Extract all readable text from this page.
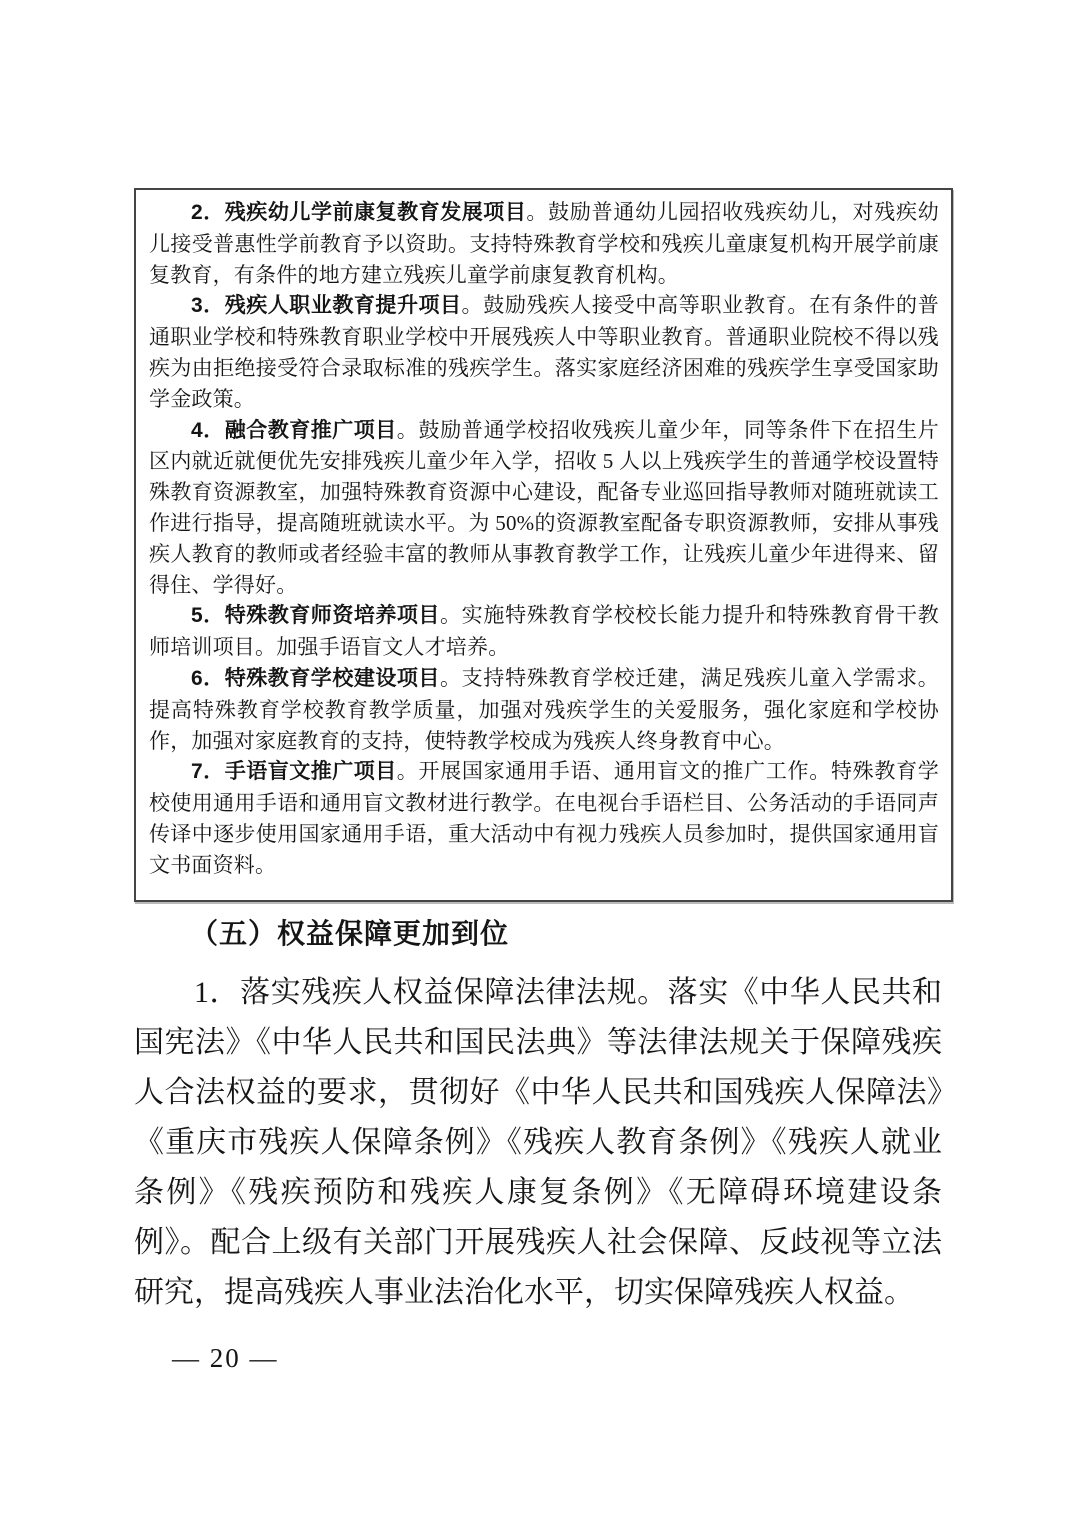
2．残疾幼儿学前康复教育发展项目。鼓励普通幼儿园招收残疾幼儿，对残疾幼儿接受普惠性学前教育予以资助。支持特殊教育学校和残疾儿童康复机构开展学前康复教育，有条件的地方建立残疾儿童学前康复教育机构。

3．残疾人职业教育提升项目。鼓励残疾人接受中高等职业教育。在有条件的普通职业学校和特殊教育职业学校中开展残疾人中等职业教育。普通职业院校不得以残疾为由拒绝接受符合录取标准的残疾学生。落实家庭经济困难的残疾学生享受国家助学金政策。

4．融合教育推广项目。鼓励普通学校招收残疾儿童少年，同等条件下在招生片区内就近就便优先安排残疾儿童少年入学，招收 5 人以上残疾学生的普通学校设置特殊教育资源教室，加强特殊教育资源中心建设，配备专业巡回指导教师对随班就读工作进行指导，提高随班就读水平。为 50%的资源教室配备专职资源教师，安排从事残疾人教育的教师或者经验丰富的教师从事教育教学工作，让残疾儿童少年进得来、留得住、学得好。

5．特殊教育师资培养项目。实施特殊教育学校校长能力提升和特殊教育骨干教师培训项目。加强手语盲文人才培养。

6．特殊教育学校建设项目。支持特殊教育学校迁建，满足残疾儿童入学需求。提高特殊教育学校教育教学质量，加强对残疾学生的关爱服务，强化家庭和学校协作，加强对家庭教育的支持，使特教学校成为残疾人终身教育中心。

7．手语盲文推广项目。开展国家通用手语、通用盲文的推广工作。特殊教育学校使用通用手语和通用盲文教材进行教学。在电视台手语栏目、公务活动的手语同声传译中逐步使用国家通用手语，重大活动中有视力残疾人员参加时，提供国家通用盲文书面资料。

（五）权益保障更加到位

1．落实残疾人权益保障法律法规。落实《中华人民共和国宪法》《中华人民共和国民法典》等法律法规关于保障残疾人合法权益的要求，贯彻好《中华人民共和国残疾人保障法》《重庆市残疾人保障条例》《残疾人教育条例》《残疾人就业条例》《残疾预防和残疾人康复条例》《无障碍环境建设条例》。配合上级有关部门开展残疾人社会保障、反歧视等立法研究，提高残疾人事业法治化水平，切实保障残疾人权益。

— 20 —
